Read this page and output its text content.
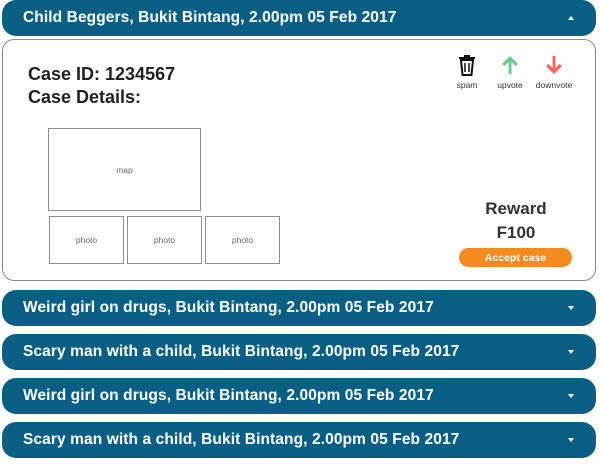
Child Beggers, Bukit Bintang, 2.00pm 05 Feb 2017
Case ID: 1234567
Case Details:
spam	upvote	downvote
map
photo	photo	photo
Reward
F100
Accept case
Weird girl on drugs, Bukit Bintang, 2.00pm 05 Feb 2017
Scary man with a child, Bukit Bintang, 2.00pm 05 Feb 2017
Weird girl on drugs, Bukit Bintang, 2.00pm 05 Feb 2017
Scary man with a child, Bukit Bintang, 2.00pm 05 Feb 2017
